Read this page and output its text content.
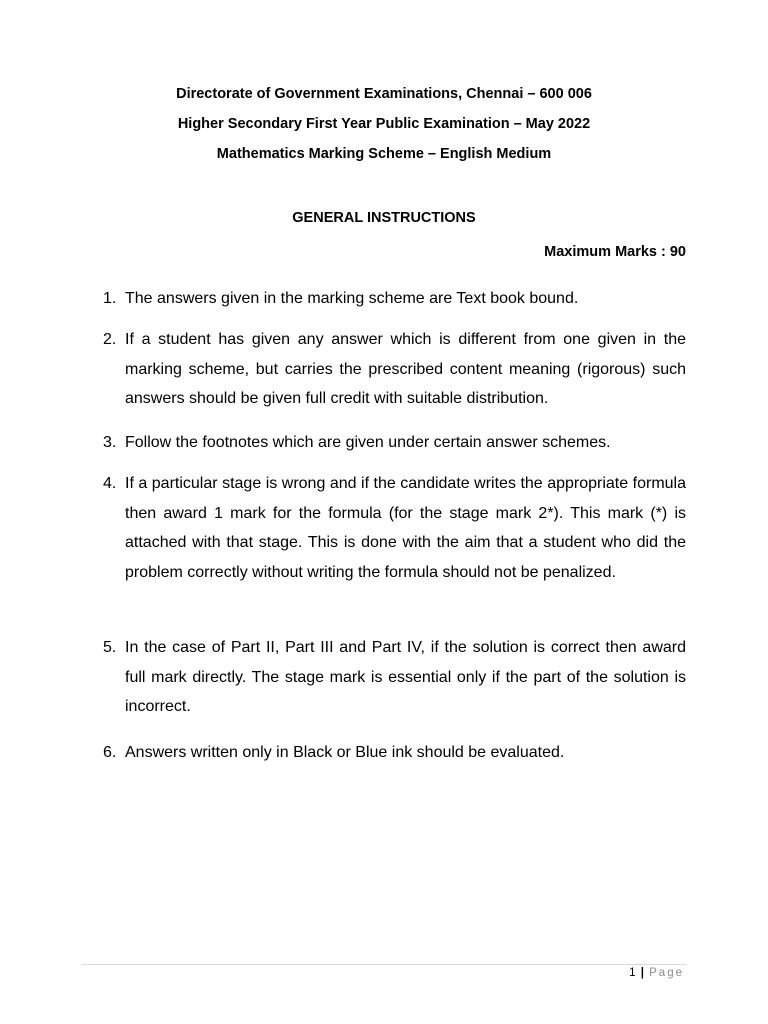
Directorate of Government Examinations, Chennai – 600 006
Higher Secondary First Year Public Examination – May 2022
Mathematics Marking Scheme – English Medium
GENERAL INSTRUCTIONS
Maximum Marks : 90
1. The answers given in the marking scheme are Text book bound.
2. If a student has given any answer which is different from one given in the marking scheme, but carries the prescribed content meaning (rigorous) such answers should be given full credit with suitable distribution.
3. Follow the footnotes which are given under certain answer schemes.
4. If a particular stage is wrong and if the candidate writes the appropriate formula then award 1 mark for the formula (for the stage mark 2*). This mark (*) is attached with that stage. This is done with the aim that a student who did the problem correctly without writing the formula should not be penalized.
5. In the case of Part II, Part III and Part IV, if the solution is correct then award full mark directly. The stage mark is essential only if the part of the solution is incorrect.
6. Answers written only in Black or Blue ink should be evaluated.
1 | Page
